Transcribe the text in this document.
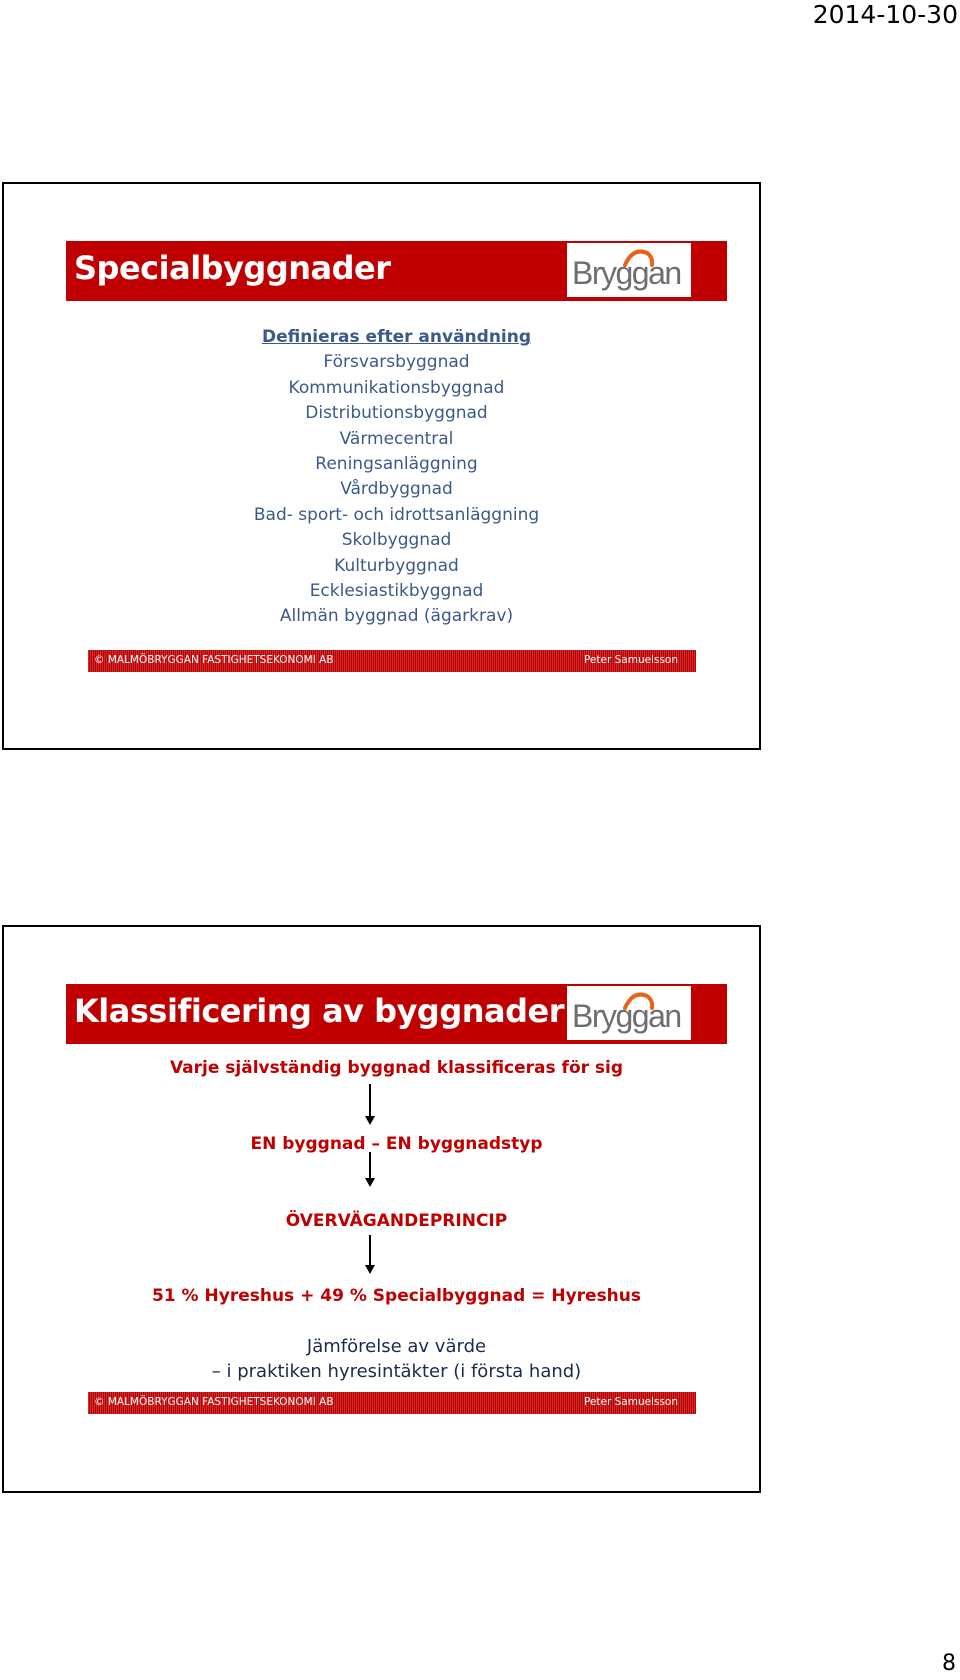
2014-10-30
Specialbyggnader	Bryggan
Definieras efter användning
Försvarsbyggnad
Kommunikationsbyggnad
Distributionsbyggnad
Värmecentral
Reningsanläggning
Vårdbyggnad
Bad- sport- och idrottsanläggning
Skolbyggnad
Kulturbyggnad
Ecklesiastikbyggnad
Allmän byggnad (ägarkrav)
© MALMÖBRYGGAN FASTIGHETSEKONOMI AB	Peter Samuelsson
Klassificering av byggnader Bryggan
Varje självständig byggnad klassificeras för sig
EN byggnad – EN byggnadstyp
ÖVERVÄGANDEPRINCIP
51 % Hyreshus + 49 % Specialbyggnad = Hyreshus
Jämförelse av värde
– i praktiken hyresintäkter (i första hand)
© MALMÖBRYGGAN FASTIGHETSEKONOMI AB	Peter Samuelsson
8
